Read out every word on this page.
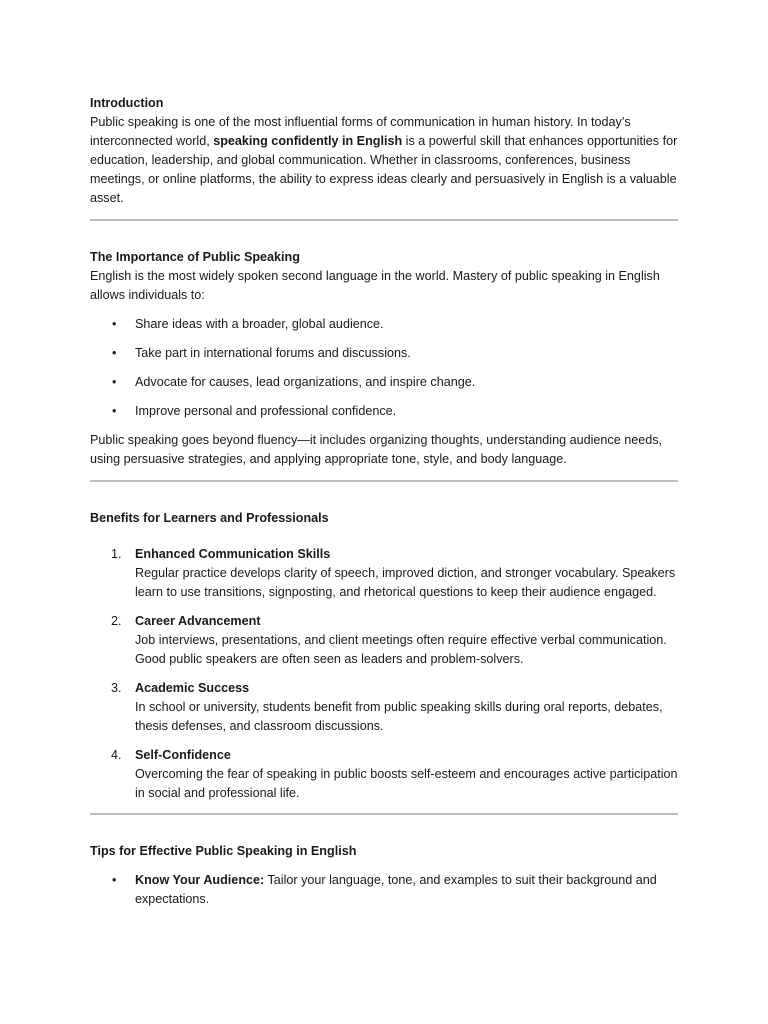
Introduction

Public speaking is one of the most influential forms of communication in human history. In today’s interconnected world, speaking confidently in English is a powerful skill that enhances opportunities for education, leadership, and global communication. Whether in classrooms, conferences, business meetings, or online platforms, the ability to express ideas clearly and persuasively in English is a valuable asset.

The Importance of Public Speaking

English is the most widely spoken second language in the world. Mastery of public speaking in English allows individuals to:

• Share ideas with a broader, global audience.
• Take part in international forums and discussions.
• Advocate for causes, lead organizations, and inspire change.
• Improve personal and professional confidence.

Public speaking goes beyond fluency—it includes organizing thoughts, understanding audience needs, using persuasive strategies, and applying appropriate tone, style, and body language.

Benefits for Learners and Professionals

1. Enhanced Communication Skills
Regular practice develops clarity of speech, improved diction, and stronger vocabulary. Speakers learn to use transitions, signposting, and rhetorical questions to keep their audience engaged.
2. Career Advancement
Job interviews, presentations, and client meetings often require effective verbal communication. Good public speakers are often seen as leaders and problem-solvers.
3. Academic Success
In school or university, students benefit from public speaking skills during oral reports, debates, thesis defenses, and classroom discussions.
4. Self-Confidence
Overcoming the fear of speaking in public boosts self-esteem and encourages active participation in social and professional life.

Tips for Effective Public Speaking in English

• Know Your Audience: Tailor your language, tone, and examples to suit their background and expectations.
